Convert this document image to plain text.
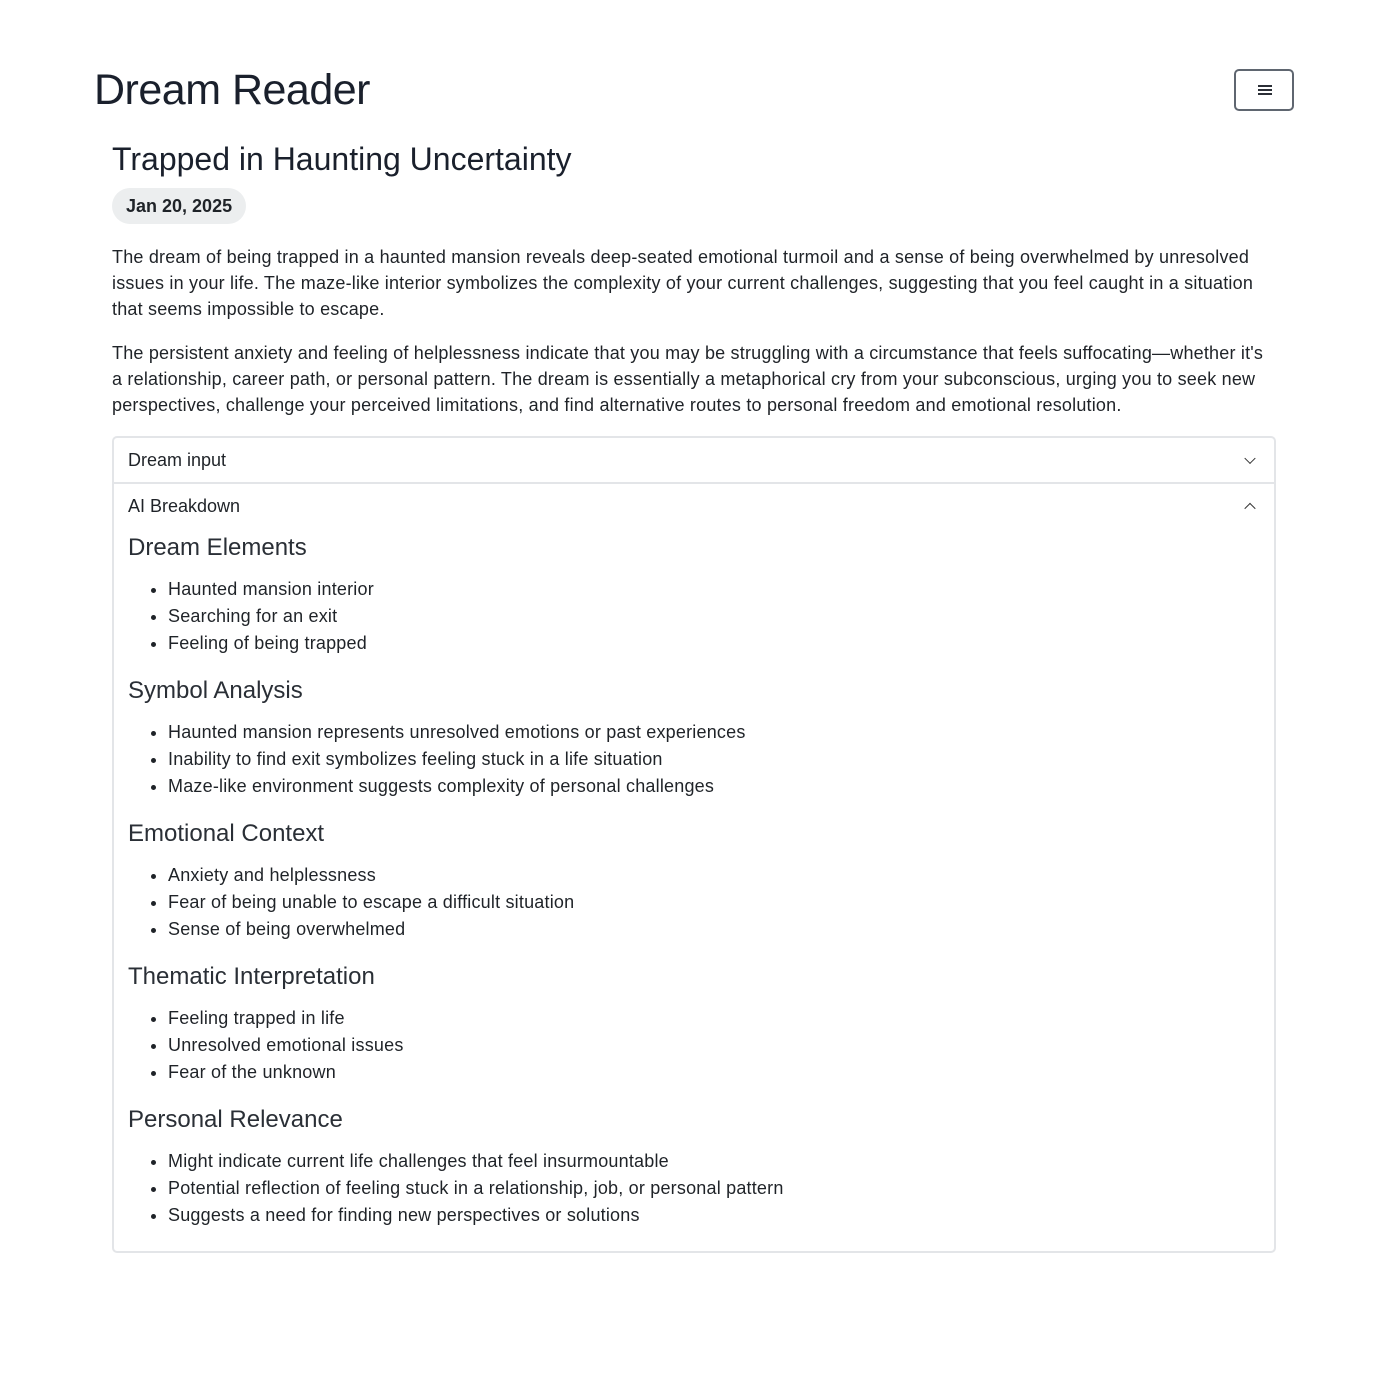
Dream Reader
Trapped in Haunting Uncertainty
Jan 20, 2025

The dream of being trapped in a haunted mansion reveals deep-seated emotional turmoil and a sense of being overwhelmed by unresolved issues in your life. The maze-like interior symbolizes the complexity of your current challenges, suggesting that you feel caught in a situation that seems impossible to escape.

The persistent anxiety and feeling of helplessness indicate that you may be struggling with a circumstance that feels suffocating—whether it's a relationship, career path, or personal pattern. The dream is essentially a metaphorical cry from your subconscious, urging you to seek new perspectives, challenge your perceived limitations, and find alternative routes to personal freedom and emotional resolution.

Dream input
AI Breakdown
Dream Elements
• Haunted mansion interior
• Searching for an exit
• Feeling of being trapped
Symbol Analysis
• Haunted mansion represents unresolved emotions or past experiences
• Inability to find exit symbolizes feeling stuck in a life situation
• Maze-like environment suggests complexity of personal challenges
Emotional Context
• Anxiety and helplessness
• Fear of being unable to escape a difficult situation
• Sense of being overwhelmed
Thematic Interpretation
• Feeling trapped in life
• Unresolved emotional issues
• Fear of the unknown
Personal Relevance
• Might indicate current life challenges that feel insurmountable
• Potential reflection of feeling stuck in a relationship, job, or personal pattern
• Suggests a need for finding new perspectives or solutions
